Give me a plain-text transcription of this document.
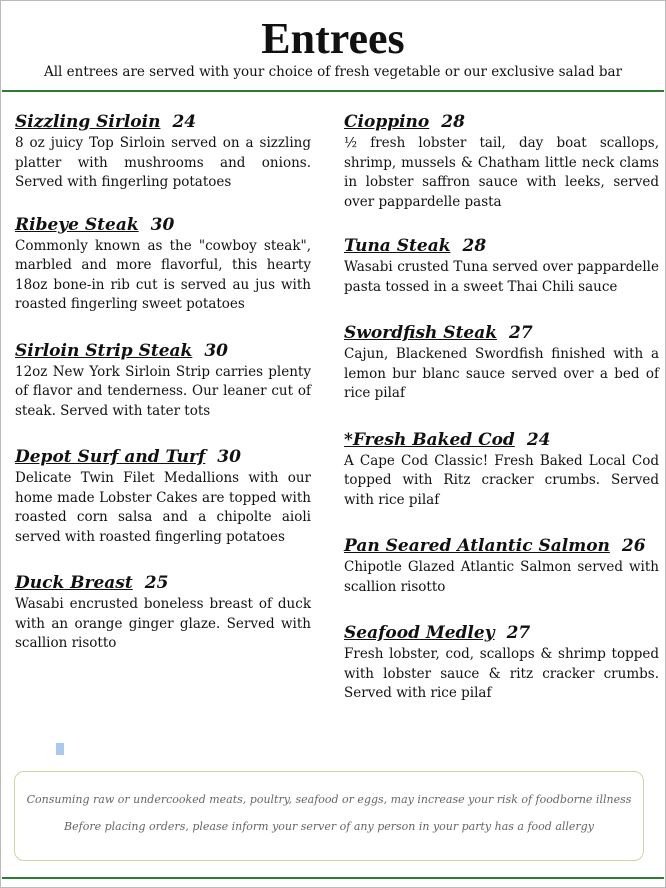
Entrees
All entrees are served with your choice of fresh vegetable or our exclusive salad bar
Sizzling Sirloin 24
8 oz juicy Top Sirloin served on a sizzling platter with mushrooms and onions. Served with fingerling potatoes
Ribeye Steak 30
Commonly known as the "cowboy steak", marbled and more flavorful, this hearty 18oz bone-in rib cut is served au jus with roasted fingerling sweet potatoes
Sirloin Strip Steak 30
12oz New York Sirloin Strip carries plenty of flavor and tenderness. Our leaner cut of steak. Served with tater tots
Depot Surf and Turf 30
Delicate Twin Filet Medallions with our home made Lobster Cakes are topped with roasted corn salsa and a chipolte aioli served with roasted fingerling potatoes
Duck Breast 25
Wasabi encrusted boneless breast of duck with an orange ginger glaze. Served with scallion risotto
Cioppino 28
½ fresh lobster tail, day boat scallops, shrimp, mussels & Chatham little neck clams in lobster saffron sauce with leeks, served over pappardelle pasta
Tuna Steak 28
Wasabi crusted Tuna served over pappardelle pasta tossed in a sweet Thai Chili sauce
Swordfish Steak 27
Cajun, Blackened Swordfish finished with a lemon bur blanc sauce served over a bed of rice pilaf
*Fresh Baked Cod 24
A Cape Cod Classic! Fresh Baked Local Cod topped with Ritz cracker crumbs. Served with rice pilaf
Pan Seared Atlantic Salmon 26
Chipotle Glazed Atlantic Salmon served with scallion risotto
Seafood Medley 27
Fresh lobster, cod, scallops & shrimp topped with lobster sauce & ritz cracker crumbs. Served with rice pilaf

Consuming raw or undercooked meats, poultry, seafood or eggs, may increase your risk of foodborne illness

Before placing orders, please inform your server of any person in your party has a food allergy
